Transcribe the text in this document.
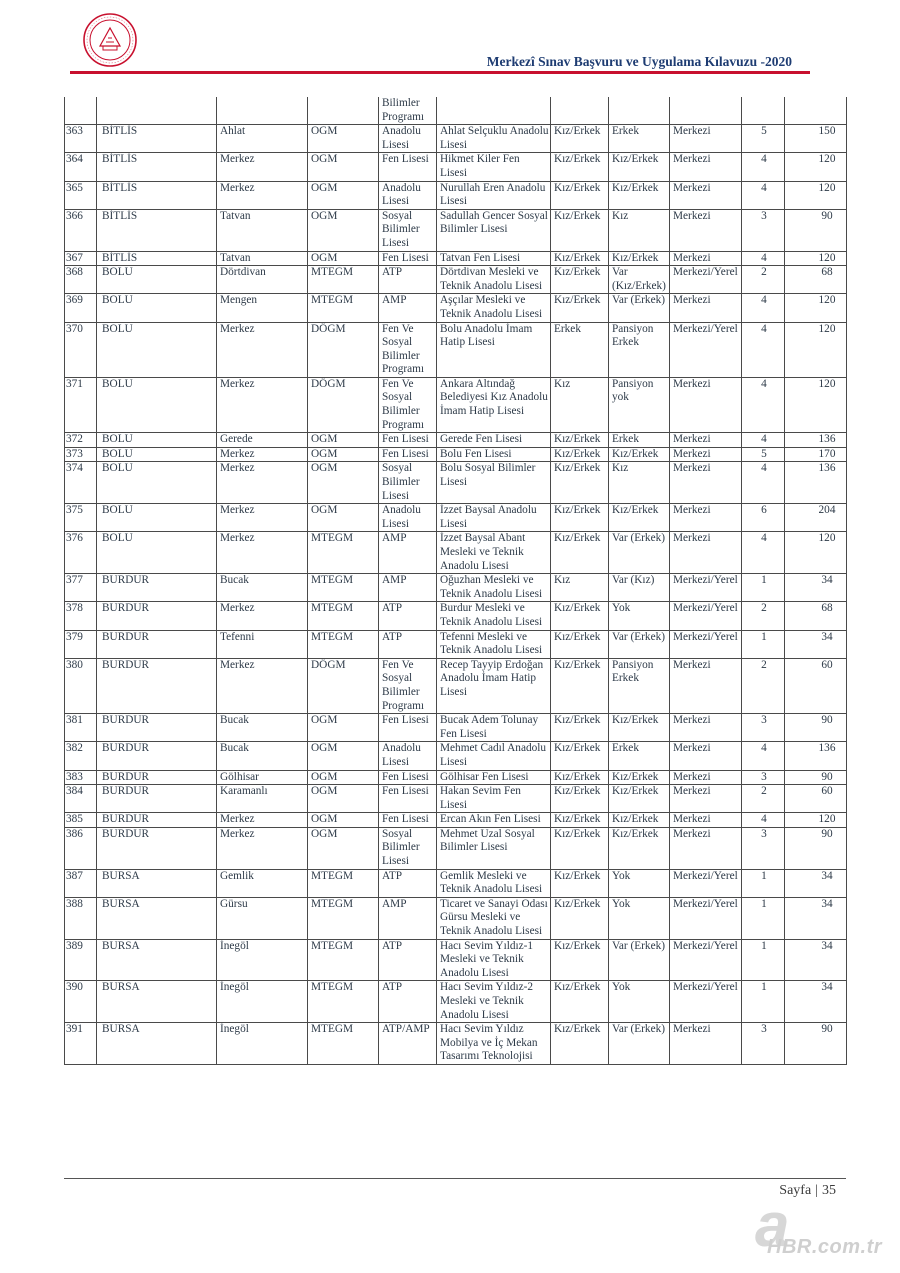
Merkezî Sınav Başvuru ve Uygulama Kılavuzu -2020
				Bilimler Programı						
363	BİTLİS	Ahlat	OGM	Anadolu Lisesi	Ahlat Selçuklu Anadolu Lisesi	Kız/Erkek	Erkek	Merkezi	5	150
364	BİTLİS	Merkez	OGM	Fen Lisesi	Hikmet Kiler Fen Lisesi	Kız/Erkek	Kız/Erkek	Merkezi	4	120
365	BİTLİS	Merkez	OGM	Anadolu Lisesi	Nurullah Eren Anadolu Lisesi	Kız/Erkek	Kız/Erkek	Merkezi	4	120
366	BİTLİS	Tatvan	OGM	Sosyal Bilimler Lisesi	Sadullah Gencer Sosyal Bilimler Lisesi	Kız/Erkek	Kız	Merkezi	3	90
367	BİTLİS	Tatvan	OGM	Fen Lisesi	Tatvan Fen Lisesi	Kız/Erkek	Kız/Erkek	Merkezi	4	120
368	BOLU	Dörtdivan	MTEGM	ATP	Dörtdivan Mesleki ve Teknik Anadolu Lisesi	Kız/Erkek	Var (Kız/Erkek)	Merkezi/Yerel	2	68
369	BOLU	Mengen	MTEGM	AMP	Aşçılar Mesleki ve Teknik Anadolu Lisesi	Kız/Erkek	Var (Erkek)	Merkezi	4	120
370	BOLU	Merkez	DÖGM	Fen Ve Sosyal Bilimler Programı	Bolu Anadolu İmam Hatip Lisesi	Erkek	Pansiyon Erkek	Merkezi/Yerel	4	120
371	BOLU	Merkez	DÖGM	Fen Ve Sosyal Bilimler Programı	Ankara Altındağ Belediyesi Kız Anadolu İmam Hatip Lisesi	Kız	Pansiyon yok	Merkezi	4	120
372	BOLU	Gerede	OGM	Fen Lisesi	Gerede Fen Lisesi	Kız/Erkek	Erkek	Merkezi	4	136
373	BOLU	Merkez	OGM	Fen Lisesi	Bolu Fen Lisesi	Kız/Erkek	Kız/Erkek	Merkezi	5	170
374	BOLU	Merkez	OGM	Sosyal Bilimler Lisesi	Bolu Sosyal Bilimler Lisesi	Kız/Erkek	Kız	Merkezi	4	136
375	BOLU	Merkez	OGM	Anadolu Lisesi	İzzet Baysal Anadolu Lisesi	Kız/Erkek	Kız/Erkek	Merkezi	6	204
376	BOLU	Merkez	MTEGM	AMP	İzzet Baysal Abant Mesleki ve Teknik Anadolu Lisesi	Kız/Erkek	Var (Erkek)	Merkezi	4	120
377	BURDUR	Bucak	MTEGM	AMP	Oğuzhan Mesleki ve Teknik Anadolu Lisesi	Kız	Var (Kız)	Merkezi/Yerel	1	34
378	BURDUR	Merkez	MTEGM	ATP	Burdur Mesleki ve Teknik Anadolu Lisesi	Kız/Erkek	Yok	Merkezi/Yerel	2	68
379	BURDUR	Tefenni	MTEGM	ATP	Tefenni Mesleki ve Teknik Anadolu Lisesi	Kız/Erkek	Var (Erkek)	Merkezi/Yerel	1	34
380	BURDUR	Merkez	DÖGM	Fen Ve Sosyal Bilimler Programı	Recep Tayyip Erdoğan Anadolu İmam Hatip Lisesi	Kız/Erkek	Pansiyon Erkek	Merkezi	2	60
381	BURDUR	Bucak	OGM	Fen Lisesi	Bucak Adem Tolunay Fen Lisesi	Kız/Erkek	Kız/Erkek	Merkezi	3	90
382	BURDUR	Bucak	OGM	Anadolu Lisesi	Mehmet Cadıl Anadolu Lisesi	Kız/Erkek	Erkek	Merkezi	4	136
383	BURDUR	Gölhisar	OGM	Fen Lisesi	Gölhisar Fen Lisesi	Kız/Erkek	Kız/Erkek	Merkezi	3	90
384	BURDUR	Karamanlı	OGM	Fen Lisesi	Hakan Sevim Fen Lisesi	Kız/Erkek	Kız/Erkek	Merkezi	2	60
385	BURDUR	Merkez	OGM	Fen Lisesi	Ercan Akın Fen Lisesi	Kız/Erkek	Kız/Erkek	Merkezi	4	120
386	BURDUR	Merkez	OGM	Sosyal Bilimler Lisesi	Mehmet Uzal Sosyal Bilimler Lisesi	Kız/Erkek	Kız/Erkek	Merkezi	3	90
387	BURSA	Gemlik	MTEGM	ATP	Gemlik Mesleki ve Teknik Anadolu Lisesi	Kız/Erkek	Yok	Merkezi/Yerel	1	34
388	BURSA	Gürsu	MTEGM	AMP	Ticaret ve Sanayi Odası Gürsu Mesleki ve Teknik Anadolu Lisesi	Kız/Erkek	Yok	Merkezi/Yerel	1	34
389	BURSA	İnegöl	MTEGM	ATP	Hacı Sevim Yıldız-1 Mesleki ve Teknik Anadolu Lisesi	Kız/Erkek	Var (Erkek)	Merkezi/Yerel	1	34
390	BURSA	İnegöl	MTEGM	ATP	Hacı Sevim Yıldız-2 Mesleki ve Teknik Anadolu Lisesi	Kız/Erkek	Yok	Merkezi/Yerel	1	34
391	BURSA	İnegöl	MTEGM	ATP/AMP	Hacı Sevim Yıldız Mobilya ve İç Mekan Tasarımı Teknolojisi	Kız/Erkek	Var (Erkek)	Merkezi	3	90
Sayfa | 35
a
HBR.com.tr
